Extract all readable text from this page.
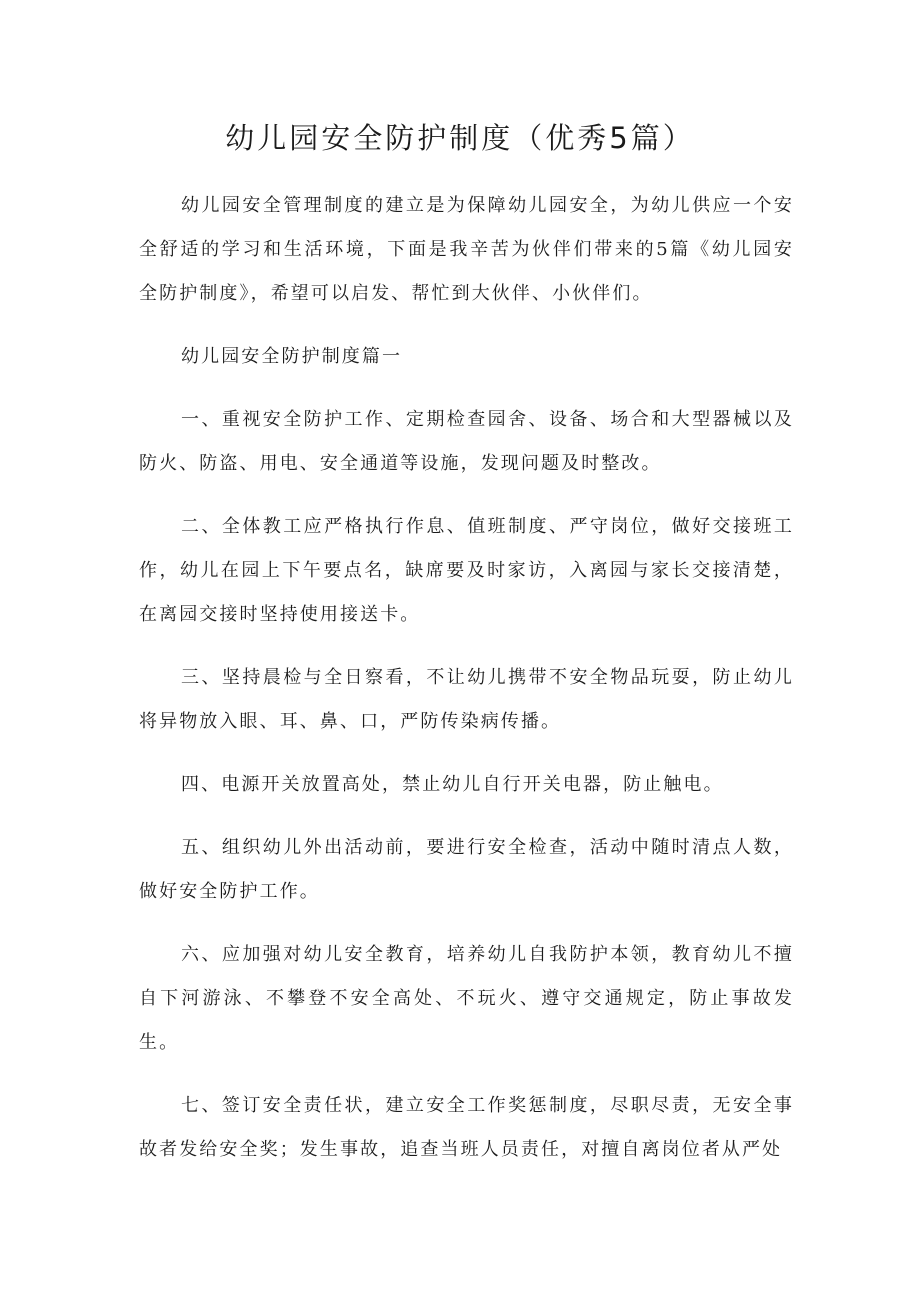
幼儿园安全防护制度（优秀5篇）

幼儿园安全管理制度的建立是为保障幼儿园安全，为幼儿供应一个安全舒适的学习和生活环境，下面是我辛苦为伙伴们带来的5篇《幼儿园安全防护制度》，希望可以启发、帮忙到大伙伴、小伙伴们。

幼儿园安全防护制度篇一

一、重视安全防护工作、定期检查园舍、设备、场合和大型器械以及防火、防盗、用电、安全通道等设施，发现问题及时整改。

二、全体教工应严格执行作息、值班制度、严守岗位，做好交接班工作，幼儿在园上下午要点名，缺席要及时家访，入离园与家长交接清楚，在离园交接时坚持使用接送卡。

三、坚持晨检与全日察看，不让幼儿携带不安全物品玩耍，防止幼儿将异物放入眼、耳、鼻、口，严防传染病传播。

四、电源开关放置高处，禁止幼儿自行开关电器，防止触电。

五、组织幼儿外出活动前，要进行安全检查，活动中随时清点人数，做好安全防护工作。

六、应加强对幼儿安全教育，培养幼儿自我防护本领，教育幼儿不擅自下河游泳、不攀登不安全高处、不玩火、遵守交通规定，防止事故发生。

七、签订安全责任状，建立安全工作奖惩制度，尽职尽责，无安全事故者发给安全奖；发生事故，追查当班人员责任，对擅自离岗位者从严处
